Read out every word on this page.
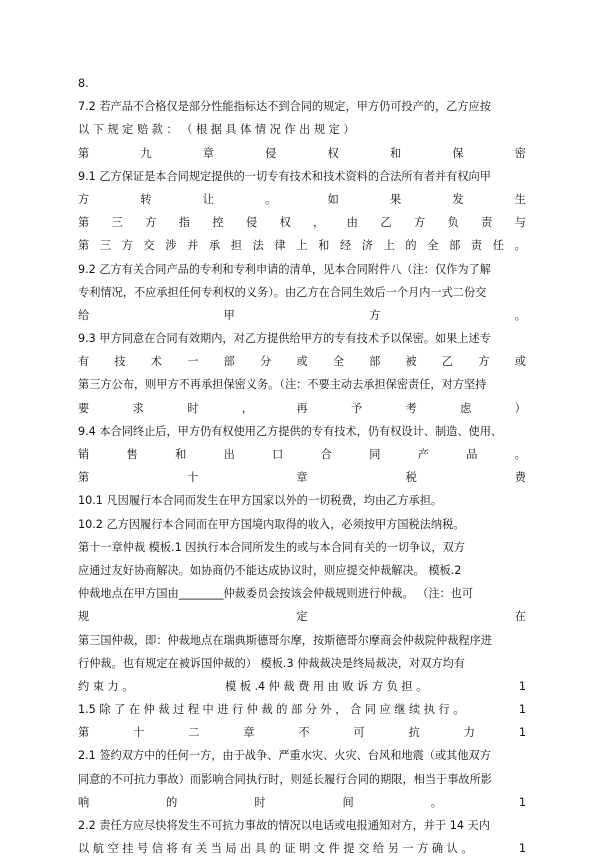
8.
7.2 若产品不合格仅是部分性能指标达不到合同的规定，甲方仍可投产的，乙方应按
以 下 规 定 赔 款 ： （ 根 据 具 体 情 况 作 出 规 定 ）
第	九	章	侵	权	和	保	密
9.1 乙方保证是本合同规定提供的一切专有技术和技术资料的合法所有者并有权向甲
方	转	让	。	如	果	发	生
第 三 方 指 控 侵 权 ， 由 乙 方 负 责 与
第 三 方 交 涉 并 承 担 法 律 上 和 经 济 上 的 全 部 责 任 。
9.2 乙方有关合同产品的专利和专利申请的清单，见本合同附件八（注：仅作为了解
专利情况，不应承担任何专利权的义务）。由乙方在合同生效后一个月内一式二份交
给	甲	方	。
9.3 甲方同意在合同有效期内，对乙方提供给甲方的专有技术予以保密。如果上述专
有 技 术 一 部 分 或 全 部 被 乙 方 或
第三方公布，则甲方不再承担保密义务。（注：不要主动去承担保密责任，对方坚持
要	求	时	，	再	予	考	虑	）
9.4 本合同终止后，甲方仍有权使用乙方提供的专有技术，仍有权设计、制造、使用、
销	售	和	出	口	合	同	产	品	。
第	十	章	税	费
10.1 凡因履行本合同而发生在甲方国家以外的一切税费，均由乙方承担。
10.2 乙方因履行本合同而在甲方国境内取得的收入，必须按甲方国税法纳税。
第十一章仲裁 模板.1 因执行本合同所发生的或与本合同有关的一切争议，双方
应通过友好协商解决。如协商仍不能达成协议时，则应提交仲裁解决。 模板.2
仲裁地点在甲方国由________仲裁委员会按该会仲裁规则进行仲裁。 （注：也可
规	定	在
第三国仲裁，即：仲裁地点在瑞典斯德哥尔摩，按斯德哥尔摩商会仲裁院仲裁程序进
行仲裁。也有规定在被诉国仲裁的） 模板.3 仲裁裁决是终局裁决，对双方均有
约 束 力 。	模 板 .4 仲 裁 费 用 由 败 诉 方 负 担 。	1
1.5 除 了 在 仲 裁 过 程 中 进 行 仲 裁 的 部 分 外 ， 合 同 应 继 续 执 行 。	1
第	十	二	章	不	可	抗	力	1
2.1 签约双方中的任何一方，由于战争、严重水灾、火灾、台风和地震（或其他双方
同意的不可抗力事故）而影响合同执行时，则延长履行合同的期限，相当于事故所影
响	的	时	间	。	1
2.2 责任方应尽快将发生不可抗力事故的情况以电话或电报通知对方，并于 14 天内
以 航 空 挂 号 信 将 有 关 当 局 出 具 的 证 明 文 件 提 交 给 另 一 方 确 认 。	1
